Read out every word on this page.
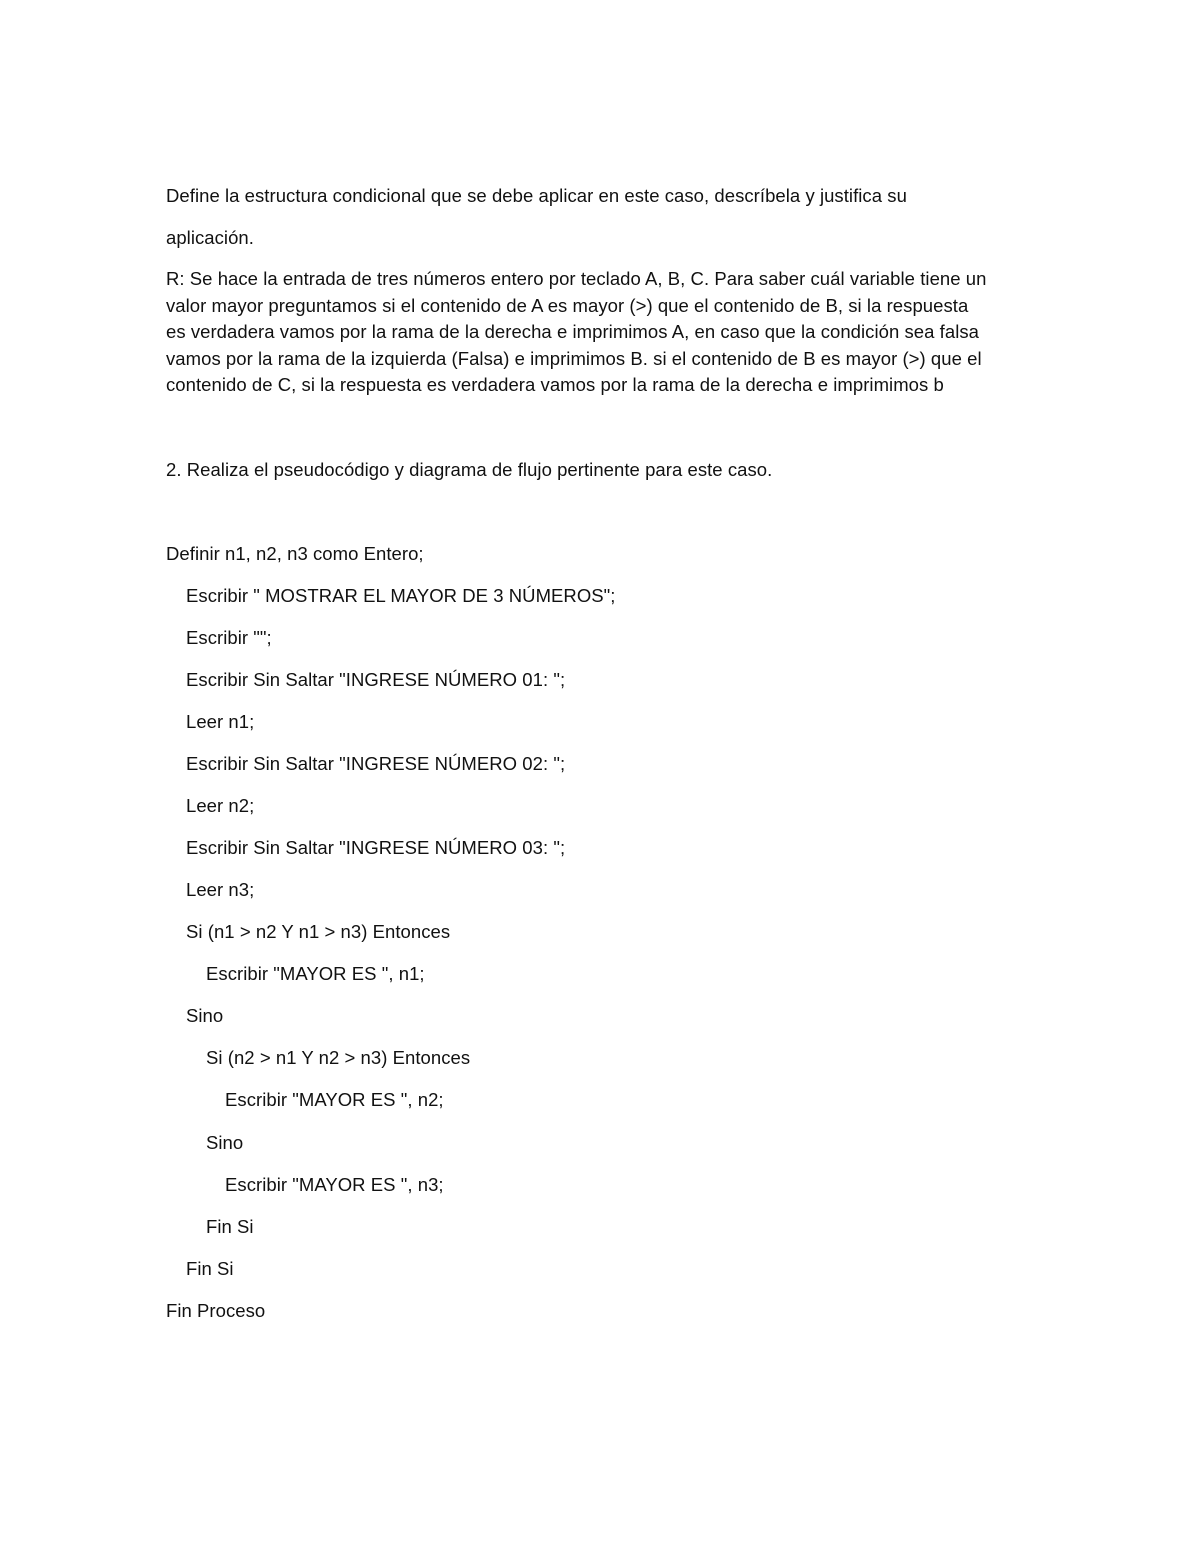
Define la estructura condicional que se debe aplicar en este caso, descríbela y justifica su
aplicación.
R: Se hace la entrada de tres números entero por teclado A, B, C. Para saber cuál variable tiene un
valor mayor preguntamos si el contenido de A es mayor (>) que el contenido de B, si la respuesta
es verdadera vamos por la rama de la derecha e imprimimos A, en caso que la condición sea falsa
vamos por la rama de la izquierda (Falsa) e imprimimos B. si el contenido de B es mayor (>) que el
contenido de C, si la respuesta es verdadera vamos por la rama de la derecha e imprimimos b
2. Realiza el pseudocódigo y diagrama de flujo pertinente para este caso.
Definir n1, n2, n3 como Entero;
Escribir " MOSTRAR EL MAYOR DE 3 NÚMEROS";
Escribir "";
Escribir Sin Saltar "INGRESE NÚMERO 01: ";
Leer n1;
Escribir Sin Saltar "INGRESE NÚMERO 02: ";
Leer n2;
Escribir Sin Saltar "INGRESE NÚMERO 03: ";
Leer n3;
Si (n1 > n2 Y n1 > n3) Entonces
Escribir "MAYOR ES ", n1;
Sino
Si (n2 > n1 Y n2 > n3) Entonces
Escribir "MAYOR ES ", n2;
Sino
Escribir "MAYOR ES ", n3;
Fin Si
Fin Si
Fin Proceso
